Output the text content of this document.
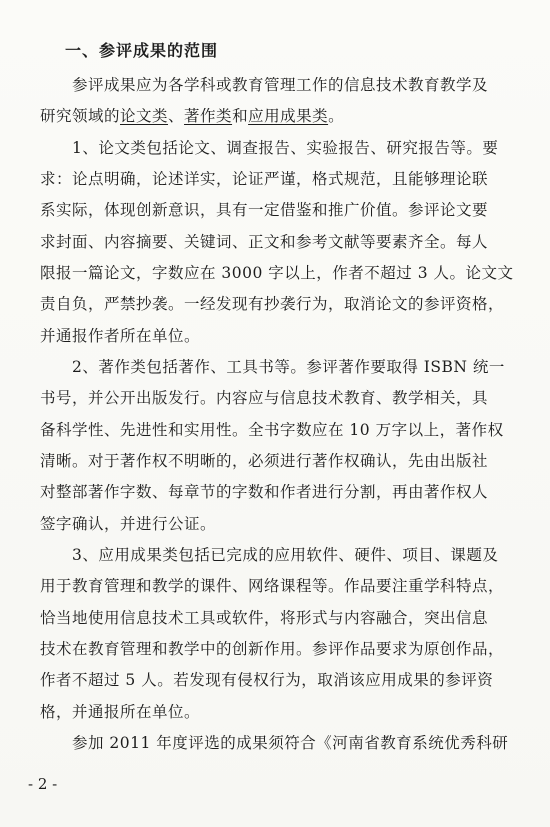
一、参评成果的范围
参评成果应为各学科或教育管理工作的信息技术教育教学及
研究领域的论文类、著作类和应用成果类。
1、论文类包括论文、调查报告、实验报告、研究报告等。要
求：论点明确，论述详实，论证严谨，格式规范，且能够理论联
系实际，体现创新意识，具有一定借鉴和推广价值。参评论文要
求封面、内容摘要、关键词、正文和参考文献等要素齐全。每人
限报一篇论文，字数应在 3000 字以上，作者不超过 3 人。论文文
责自负，严禁抄袭。一经发现有抄袭行为，取消论文的参评资格，
并通报作者所在单位。
2、著作类包括著作、工具书等。参评著作要取得 ISBN 统一
书号，并公开出版发行。内容应与信息技术教育、教学相关，具
备科学性、先进性和实用性。全书字数应在 10 万字以上，著作权
清晰。对于著作权不明晰的，必须进行著作权确认，先由出版社
对整部著作字数、每章节的字数和作者进行分割，再由著作权人
签字确认，并进行公证。
3、应用成果类包括已完成的应用软件、硬件、项目、课题及
用于教育管理和教学的课件、网络课程等。作品要注重学科特点，
恰当地使用信息技术工具或软件，将形式与内容融合，突出信息
技术在教育管理和教学中的创新作用。参评作品要求为原创作品，
作者不超过 5 人。若发现有侵权行为，取消该应用成果的参评资
格，并通报所在单位。
参加 2011 年度评选的成果须符合《河南省教育系统优秀科研
- 2 -
